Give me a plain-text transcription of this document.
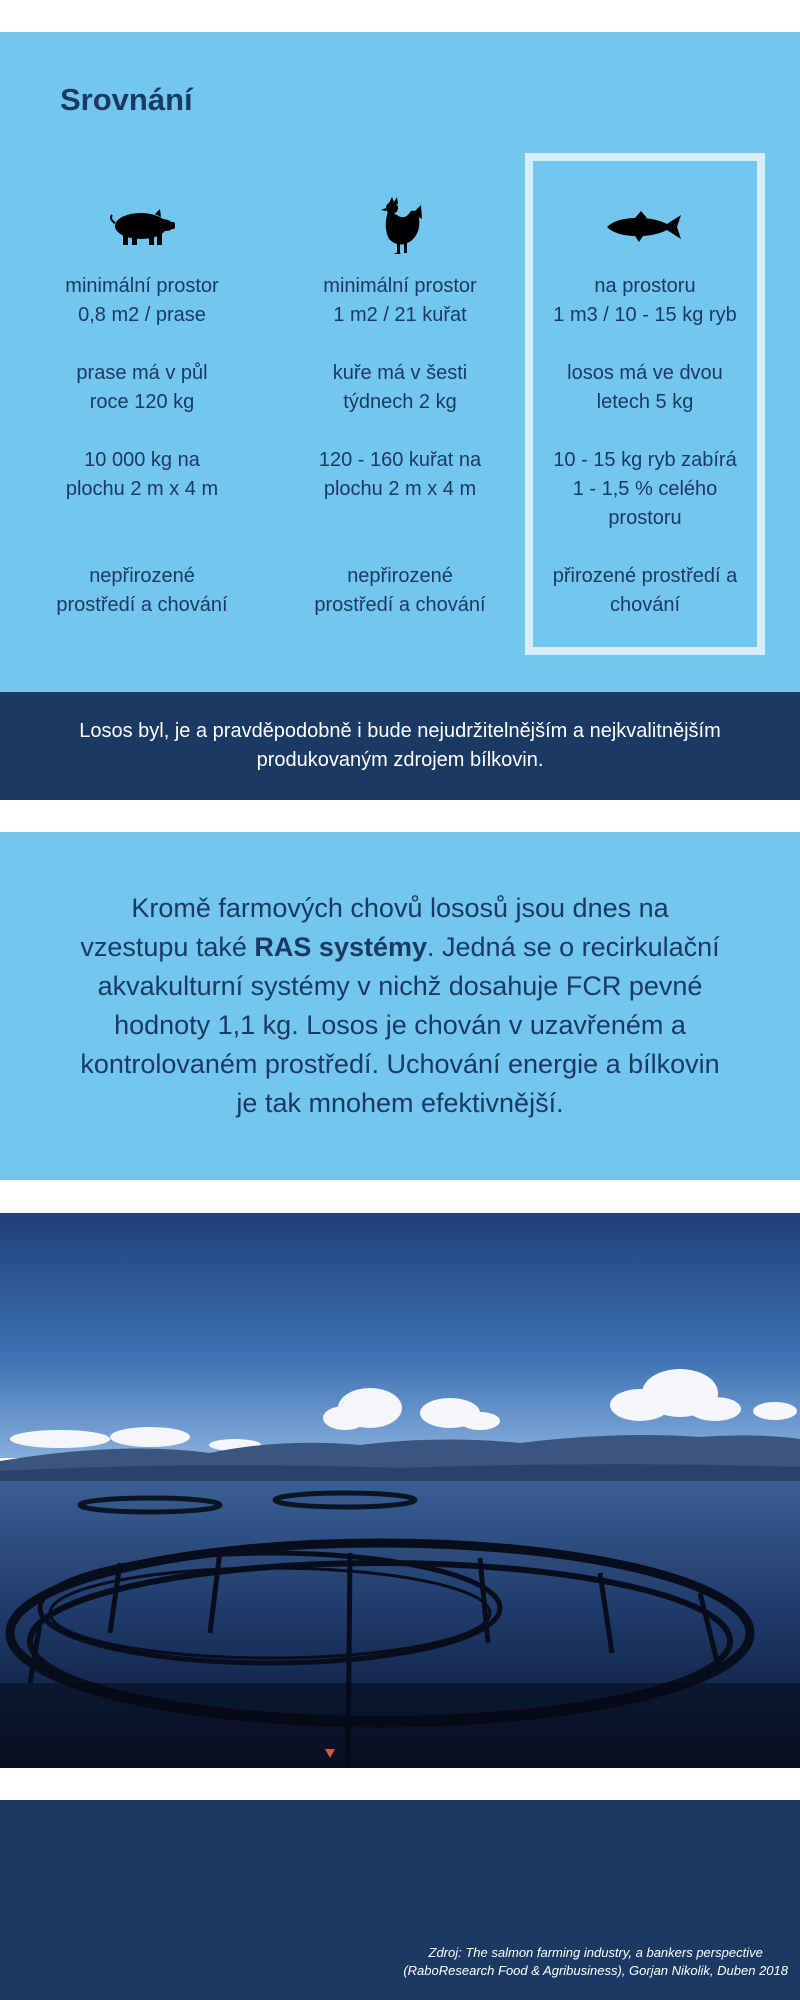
Srovnání

minimální prostor
0,8 m2 / prase

prase má v půl
roce 120 kg

10 000 kg na
plochu 2 m x 4 m

nepřirozené
prostředí a chování

minimální prostor
1 m2 / 21 kuřat

kuře má v šesti
týdnech 2 kg

120 - 160 kuřat na
plochu 2 m x 4 m

nepřirozené
prostředí a chování

na prostoru
1 m3 / 10 - 15 kg ryb

losos má ve dvou
letech 5 kg

10 - 15 kg ryb zabírá
1 - 1,5 % celého
prostoru

přirozené prostředí a
chování

Losos byl, je a pravděpodobně i bude nejudržitelnějším a nejkvalitnějším produkovaným zdrojem bílkovin.
Kromě farmových chovů lososů jsou dnes na vzestupu také RAS systémy. Jedná se o recirkulační akvakulturní systémy v nichž dosahuje FCR pevné hodnoty 1,1 kg. Losos je chován v uzavřeném a kontrolovaném prostředí. Uchování energie a bílkovin je tak mnohem efektivnější.
Zdroj: The salmon farming industry, a bankers perspective
(RaboResearch Food & Agribusiness), Gorjan Nikolik, Duben 2018
